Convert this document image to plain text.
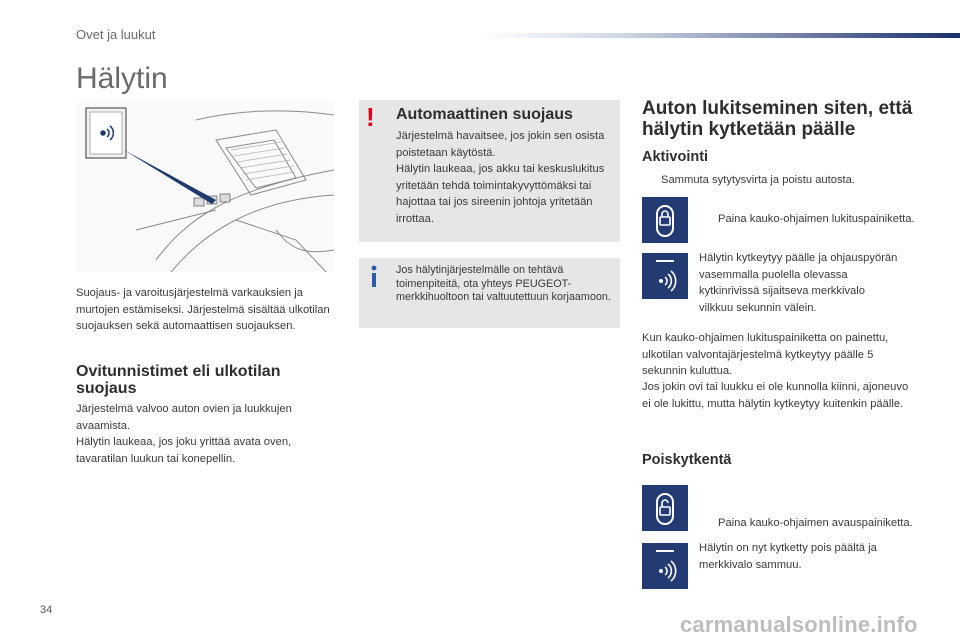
Ovet ja luukut
Hälytin
Suojaus- ja varoitusjärjestelmä varkauksien ja murtojen estämiseksi. Järjestelmä sisältää ulkotilan suojauksen sekä automaattisen suojauksen.
Ovitunnistimet eli ulkotilan suojaus
Järjestelmä valvoo auton ovien ja luukkujen avaamista.
Hälytin laukeaa, jos joku yrittää avata oven, tavaratilan luukun tai konepellin.
!	Automaattinen suojaus
Järjestelmä havaitsee, jos jokin sen osista poistetaan käytöstä.
Hälytin laukeaa, jos akku tai keskuslukitus yritetään tehdä toimintakyvyttömäksi tai hajottaa tai jos sireenin johtoja yritetään irrottaa.
Jos hälytinjärjestelmälle on tehtävä toimenpiteitä, ota yhteys PEUGEOT-merkkihuoltoon tai valtuutettuun korjaamoon.
Auton lukitseminen siten, että hälytin kytketään päälle
Aktivointi
Sammuta sytytysvirta ja poistu autosta.
Paina kauko-ohjaimen lukituspainiketta.
Hälytin kytkeytyy päälle ja ohjauspyörän vasemmalla puolella olevassa kytkinrivissä sijaitseva merkkivalo vilkkuu sekunnin välein.
Kun kauko-ohjaimen lukituspainiketta on painettu, ulkotilan valvontajärjestelmä kytkeytyy päälle 5 sekunnin kuluttua.
Jos jokin ovi tai luukku ei ole kunnolla kiinni, ajoneuvo ei ole lukittu, mutta hälytin kytkeytyy kuitenkin päälle.
Poiskytkentä
Paina kauko-ohjaimen avauspainiketta.
Hälytin on nyt kytketty pois päältä ja merkkivalo sammuu.
34
carmanualsonline.info
